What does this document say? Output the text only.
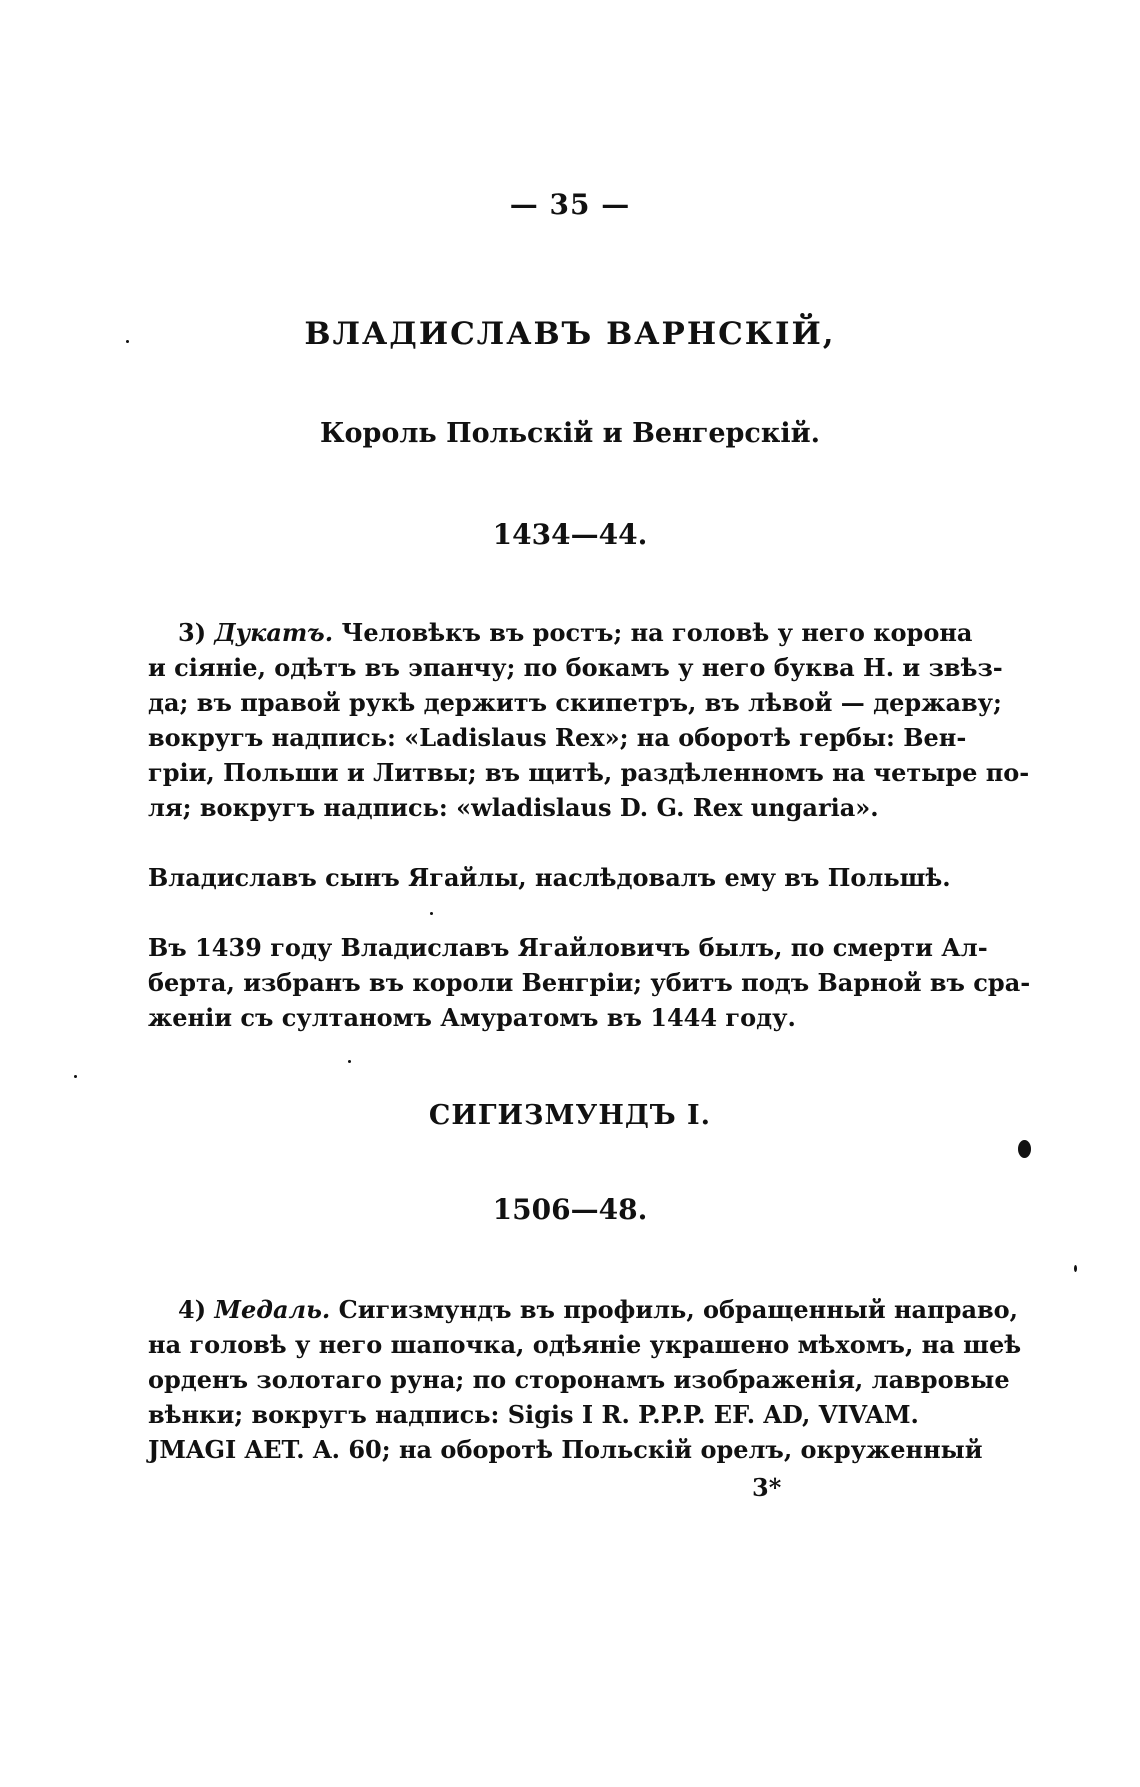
— 35 —
ВЛАДИСЛАВЪ ВАРНСКІЙ,
Король Польскій и Венгерскій.
1434—44.
3) Дукатъ. Человѣкъ въ ростъ; на головѣ у него корона
и сіяніе, одѣтъ въ эпанчу; по бокамъ у него буква Н. и звѣз-
да; въ правой рукѣ держитъ скипетръ, въ лѣвой — державу;
вокругъ надпись: «Ladislaus Rex»; на оборотѣ гербы: Вен-
гріи, Польши и Литвы; въ щитѣ, раздѣленномъ на четыре по-
ля; вокругъ надпись: «wladislaus D. G. Rex ungaria».
Владиславъ сынъ Ягайлы, наслѣдовалъ ему въ Польшѣ.
Въ 1439 году Владиславъ Ягайловичъ былъ, по смерти Ал-
берта, избранъ въ короли Венгріи; убитъ подъ Варной въ сра-
женіи съ султаномъ Амуратомъ въ 1444 году.
СИГИЗМУНДЪ I.
1506—48.
4) Медаль. Сигизмундъ въ профиль, обращенный направо,
на головѣ у него шапочка, одѣяніе украшено мѣхомъ, на шеѣ
орденъ золотаго руна; по сторонамъ изображенія, лавровые
вѣнки; вокругъ надпись: Sigis I R. P.P.P. EF. AD, VIVAM.
JMAGI AET. A. 60; на оборотѣ Польскій орелъ, окруженный
3*
